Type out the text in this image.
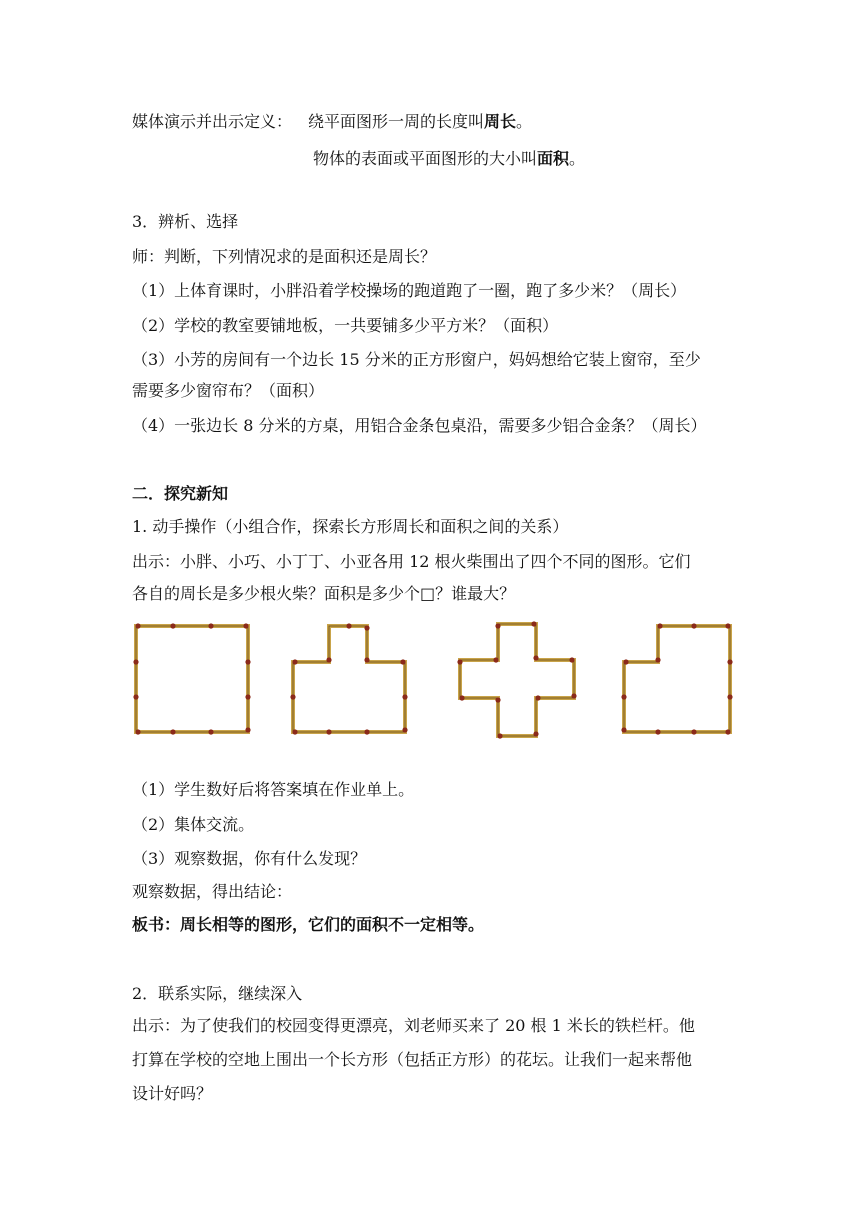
媒体演示并出示定义： 绕平面图形一周的长度叫周长。
物体的表面或平面图形的大小叫面积。
3．辨析、选择
师：判断，下列情况求的是面积还是周长？
（1）上体育课时，小胖沿着学校操场的跑道跑了一圈，跑了多少米？（周长）
（2）学校的教室要铺地板，一共要铺多少平方米？（面积）
（3）小芳的房间有一个边长 15 分米的正方形窗户，妈妈想给它装上窗帘，至少
需要多少窗帘布？（面积）
（4）一张边长 8 分米的方桌，用铝合金条包桌沿，需要多少铝合金条？（周长）
二．探究新知
1. 动手操作（小组合作，探索长方形周长和面积之间的关系）
出示：小胖、小巧、小丁丁、小亚各用 12 根火柴围出了四个不同的图形。它们
各自的周长是多少根火柴？面积是多少个□？谁最大？
（1）学生数好后将答案填在作业单上。
（2）集体交流。
（3）观察数据，你有什么发现？
观察数据，得出结论：
板书：周长相等的图形，它们的面积不一定相等。
2．联系实际，继续深入
出示：为了使我们的校园变得更漂亮，刘老师买来了 20 根 1 米长的铁栏杆。他
打算在学校的空地上围出一个长方形（包括正方形）的花坛。让我们一起来帮他
设计好吗？
